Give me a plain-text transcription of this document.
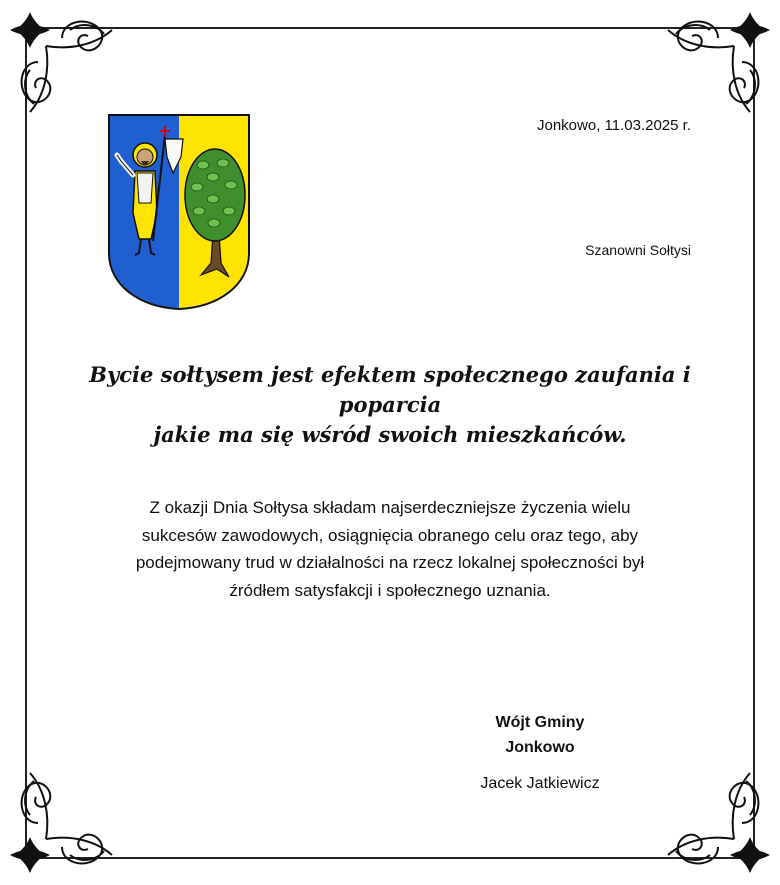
Jonkowo, 11.03.2025 r.
Szanowni Sołtysi
Bycie sołtysem jest efektem społecznego zaufania i poparcia
jakie ma się wśród swoich mieszkańców.
Z okazji Dnia Sołtysa składam najserdeczniejsze życzenia wielu
sukcesów zawodowych, osiągnięcia obranego celu oraz tego, aby
podejmowany trud w działalności na rzecz lokalnej społeczności był
źródłem satysfakcji i społecznego uznania.
Wójt Gminy
Jonkowo
Jacek Jatkiewicz
